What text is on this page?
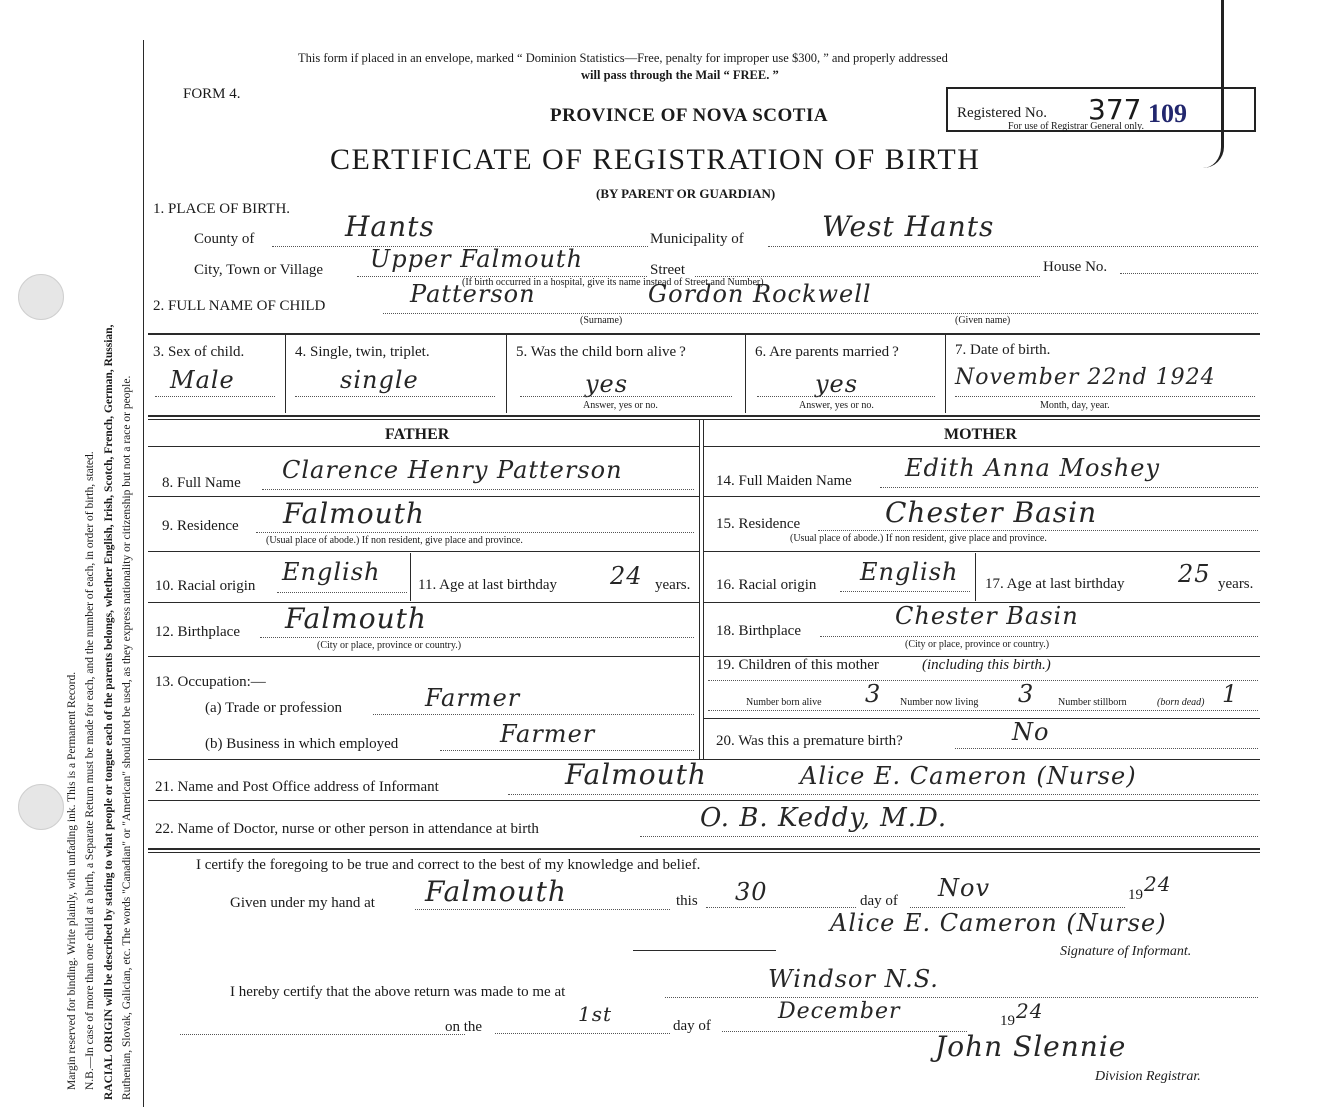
Margin reserved for binding. Write plainly, with unfading ink. This is a Permanent Record. N.B.—In case of more than one child at a birth, a Separate Return must be made for each, and the number of each, in order of birth, stated. RACIAL ORIGIN will be described by stating to what people or tongue each of the parents belongs, whether English, Irish, Scotch, French, German, Russian, Ruthenian, Slovak, Galician, etc. The words "Canadian" or "American" should not be used, as they express nationality or citizenship but not a race or people.
This form if placed in an envelope, marked “ Dominion Statistics—Free, penalty for improper use $300, ” and properly addressed
will pass through the Mail “ FREE. ”
FORM 4.
PROVINCE OF NOVA SCOTIA	Registered No. 377 109
For use of Registrar General only.
CERTIFICATE OF REGISTRATION OF BIRTH
(BY PARENT OR GUARDIAN)
1. PLACE OF BIRTH.
County of	Hants	Municipality of	West Hants
City, Town or Village Upper Falmouth	Street
(If birth occurred in a hospital, give its name instead of Street and Number)
House No.
2. FULL NAME OF CHILD	Patterson	Gordon Rockwell
(Surname)	(Given name)
3. Sex of child.
Male
4. Single, twin, triplet.
single
5. Was the child born alive ?
yes
Answer, yes or no.
6. Are parents married ?
yes
Answer, yes or no.
7. Date of birth.
November 22nd 1924
Month, day, year.
FATHER
8. Full Name Clarence Henry Patterson
9. Residence Falmouth
(Usual place of abode.) If non resident, give place and province.
10. Racial origin English	11. Age at last birthday 24 years.
12. Birthplace Falmouth
(City or place, province or country.)
13. Occupation:—
(a) Trade or profession	Farmer
(b) Business in which employed	Farmer
MOTHER
14. Full Maiden Name Edith Anna Moshey
15. Residence	Chester Basin
(Usual place of abode.) If non resident, give place and province.
16. Racial origin English 17. Age at last birthday 25 years.
18. Birthplace
Chester Basin
(City or place, province or country.)
19. Children of this mother	(including this birth.)
Number born alive 3 Number now living 3 Number stillborn	(born dead) 1
20. Was this a premature birth?	No
21. Name and Post Office address of Informant	Falmouth	Alice E. Cameron (Nurse)
22. Name of Doctor, nurse or other person in attendance at birth	O. B. Keddy, M.D.
I certify the foregoing to be true and correct to the best of my knowledge and belief.
Given under my hand at Falmouth	this 30	day of Nov	19 24
Alice E. Cameron (Nurse)
Signature of Informant.
I hereby certify that the above return was made to me at	Windsor N.S.
on the
1st	day of
December	19 24
John Slennie
Division Registrar.
